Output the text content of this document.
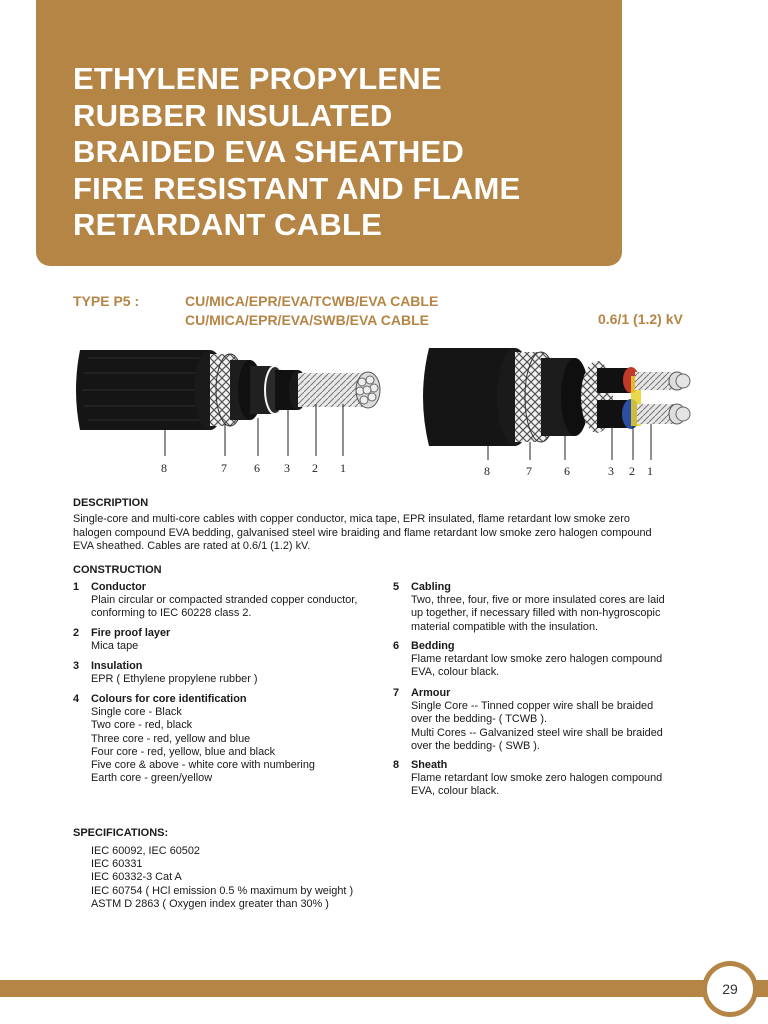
ETHYLENE PROPYLENE
RUBBER INSULATED
BRAIDED EVA SHEATHED
FIRE RESISTANT AND FLAME
RETARDANT CABLE
TYPE P5 :	CU/MICA/EPR/EVA/TCWB/EVA CABLE
CU/MICA/EPR/EVA/SWB/EVA CABLE	0.6/1 (1.2) kV
8	7 6 3 2 1	8	7	6	3 2 1
DESCRIPTION
Single-core and multi-core cables with copper conductor, mica tape, EPR insulated, flame retardant low smoke zero
halogen compound EVA bedding, galvanised steel wire braiding and flame retardant low smoke zero halogen compound
EVA sheathed. Cables are rated at 0.6/1 (1.2) kV.
CONSTRUCTION
1 Conductor
Plain circular or compacted stranded copper conductor,
conforming to IEC 60228 class 2.
2 Fire proof layer
Mica tape
3 Insulation
EPR ( Ethylene propylene rubber )
4 Colours for core identification
Single core - Black
Two core - red, black
Three core - red, yellow and blue
Four core - red, yellow, blue and black
Five core & above - white core with numbering
Earth core - green/yellow
5 Cabling
Two, three, four, five or more insulated cores are laid
up together, if necessary filled with non-hygroscopic
material compatible with the insulation.
6 Bedding
Flame retardant low smoke zero halogen compound
EVA, colour black.
7 Armour
Single Core -- Tinned copper wire shall be braided
over the bedding- ( TCWB ).
Multi Cores -- Galvanized steel wire shall be braided
over the bedding- ( SWB ).
8 Sheath
Flame retardant low smoke zero halogen compound
EVA, colour black.
SPECIFICATIONS:
IEC 60092, IEC 60502
IEC 60331
IEC 60332-3 Cat A
IEC 60754 ( HCl emission 0.5 % maximum by weight )
ASTM D 2863 ( Oxygen index greater than 30% )
29
